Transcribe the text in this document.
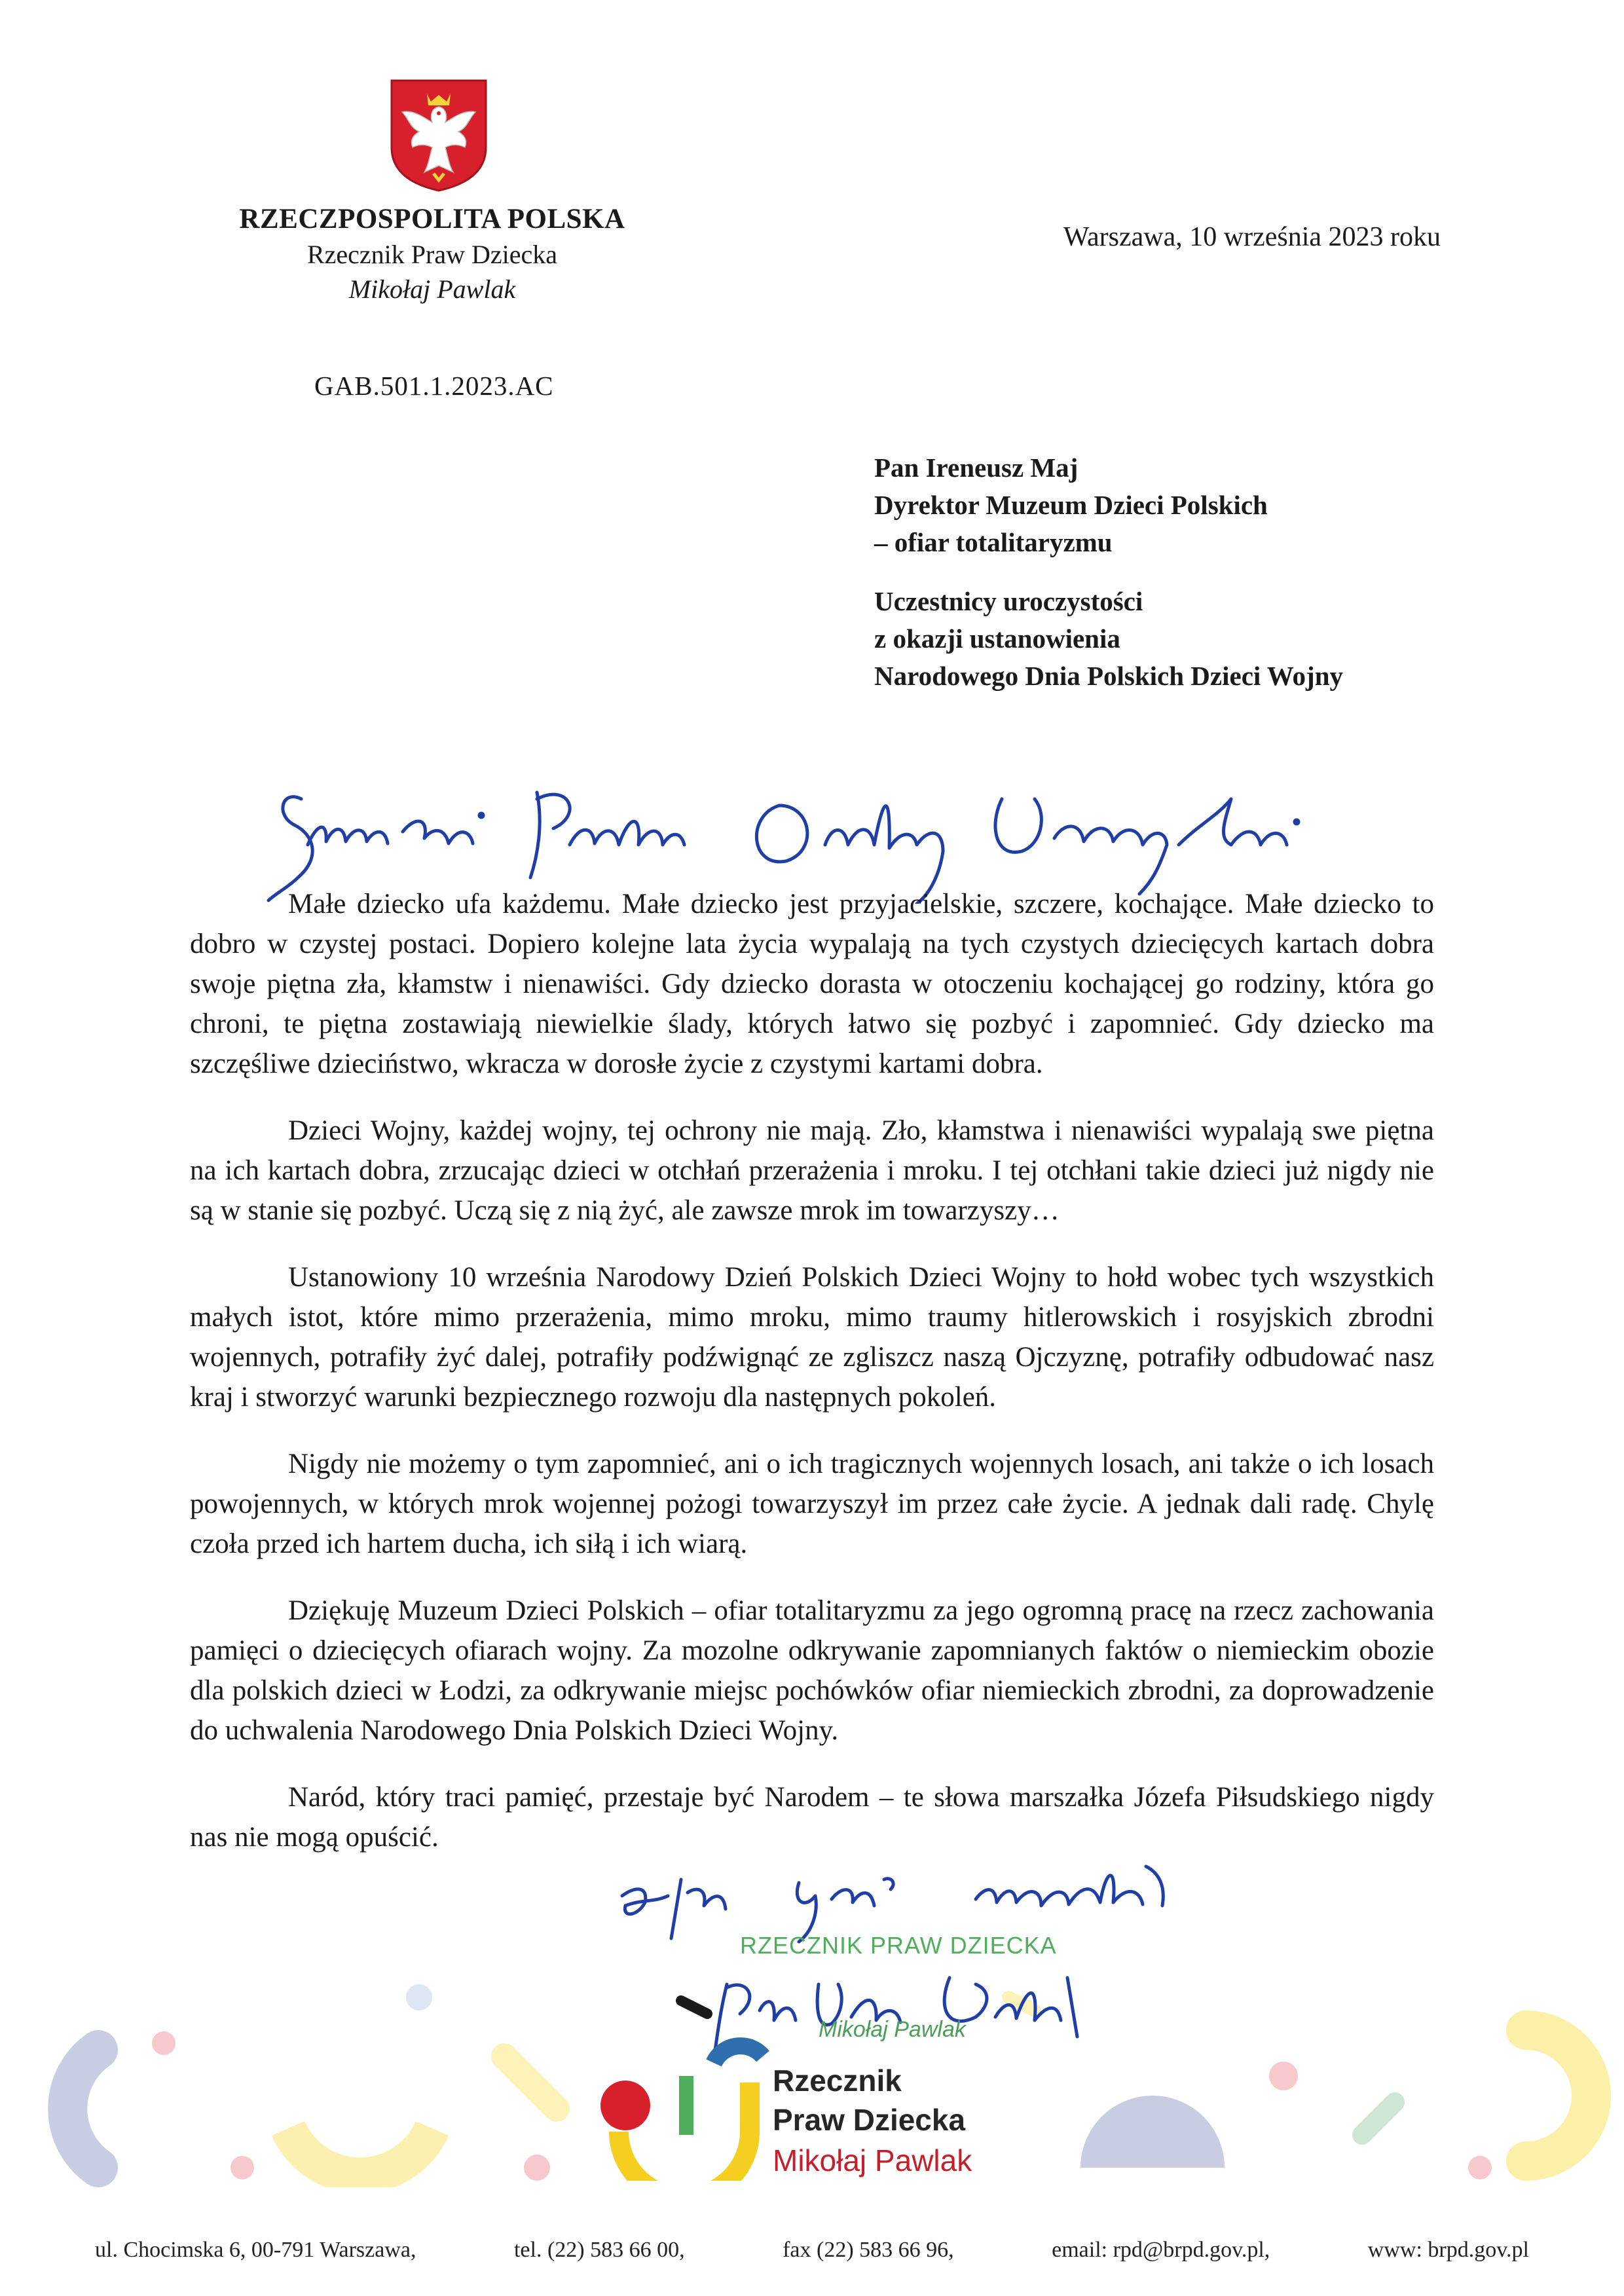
RZECZPOSPOLITA POLSKA
Rzecznik Praw Dziecka
Mikołaj Pawlak
Warszawa, 10 września 2023 roku
GAB.501.1.2023.AC
Pan Ireneusz Maj
Dyrektor Muzeum Dzieci Polskich
– ofiar totalitaryzmu
Uczestnicy uroczystości
z okazji ustanowienia
Narodowego Dnia Polskich Dzieci Wojny

Małe dziecko ufa każdemu. Małe dziecko jest przyjacielskie, szczere, kochające. Małe dziecko to dobro w czystej postaci. Dopiero kolejne lata życia wypalają na tych czystych dziecięcych kartach dobra swoje piętna zła, kłamstw i nienawiści. Gdy dziecko dorasta w otoczeniu kochającej go rodziny, która go chroni, te piętna zostawiają niewielkie ślady, których łatwo się pozbyć i zapomnieć. Gdy dziecko ma szczęśliwe dzieciństwo, wkracza w dorosłe życie z czystymi kartami dobra.

Dzieci Wojny, każdej wojny, tej ochrony nie mają. Zło, kłamstwa i nienawiści wypalają swe piętna na ich kartach dobra, zrzucając dzieci w otchłań przerażenia i mroku. I tej otchłani takie dzieci już nigdy nie są w stanie się pozbyć. Uczą się z nią żyć, ale zawsze mrok im towarzyszy…

Ustanowiony 10 września Narodowy Dzień Polskich Dzieci Wojny to hołd wobec tych wszystkich małych istot, które mimo przerażenia, mimo mroku, mimo traumy hitlerowskich i rosyjskich zbrodni wojennych, potrafiły żyć dalej, potrafiły podźwignąć ze zgliszcz naszą Ojczyznę, potrafiły odbudować nasz kraj i stworzyć warunki bezpiecznego rozwoju dla następnych pokoleń.

Nigdy nie możemy o tym zapomnieć, ani o ich tragicznych wojennych losach, ani także o ich losach powojennych, w których mrok wojennej pożogi towarzyszył im przez całe życie. A jednak dali radę. Chylę czoła przed ich hartem ducha, ich siłą i ich wiarą.

Dziękuję Muzeum Dzieci Polskich – ofiar totalitaryzmu za jego ogromną pracę na rzecz zachowania pamięci o dziecięcych ofiarach wojny. Za mozolne odkrywanie zapomnianych faktów o niemieckim obozie dla polskich dzieci w Łodzi, za odkrywanie miejsc pochówków ofiar niemieckich zbrodni, za doprowadzenie do uchwalenia Narodowego Dnia Polskich Dzieci Wojny.

Naród, który traci pamięć, przestaje być Narodem – te słowa marszałka Józefa Piłsudskiego nigdy nas nie mogą opuścić.

RZECZNIK PRAW DZIECKA
Mikołaj Pawlak
Rzecznik
Praw Dziecka
Mikołaj Pawlak
ul. Chocimska 6, 00-791 Warszawa,	tel. (22) 583 66 00,	fax (22) 583 66 96,	email: rpd@brpd.gov.pl,	www: brpd.gov.pl
